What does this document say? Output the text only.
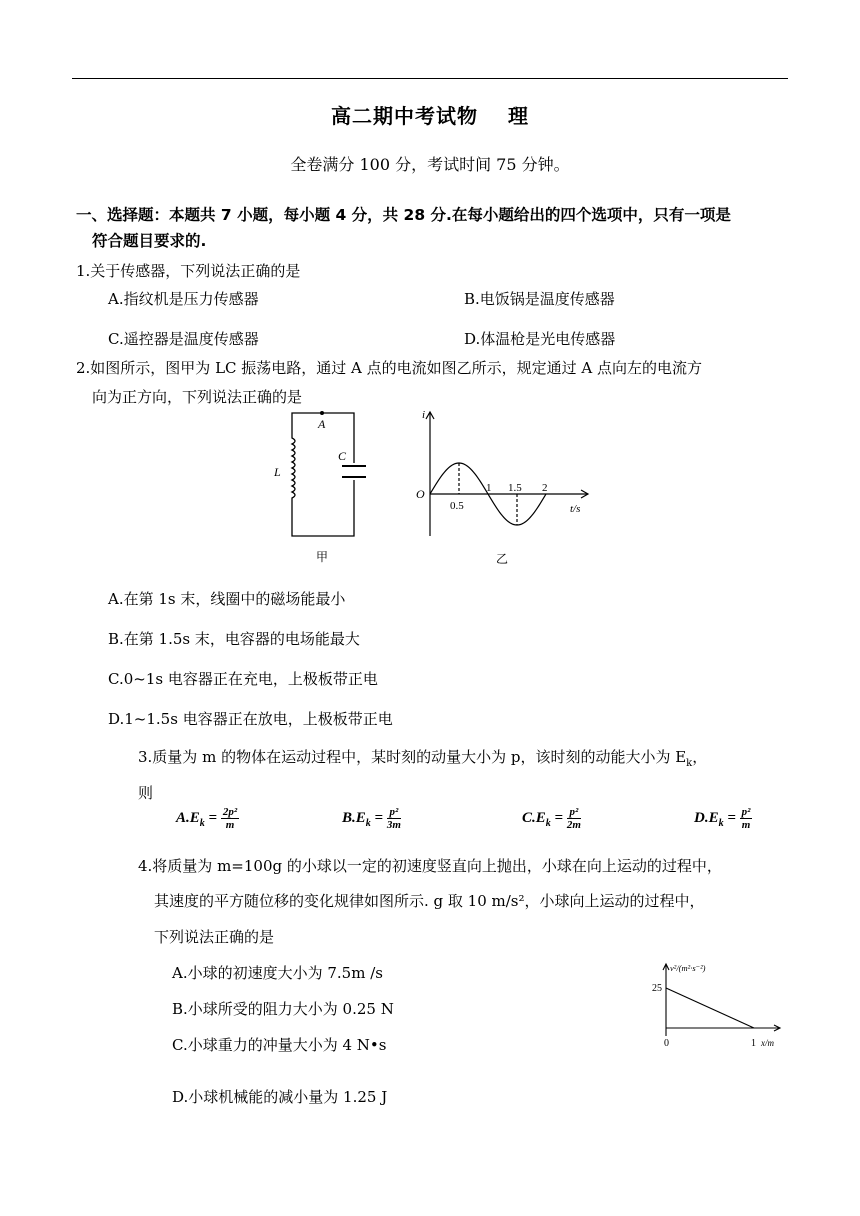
高二期中考试物 理
全卷满分 100 分，考试时间 75 分钟。
一、选择题：本题共 7 小题，每小题 4 分，共 28 分.在每小题给出的四个选项中，只有一项是
符合题目要求的.
1.关于传感器，下列说法正确的是
A.指纹机是压力传感器	B.电饭锅是温度传感器
C.遥控器是温度传感器	D.体温枪是光电传感器
2.如图所示，图甲为 LC 振荡电路，通过 A 点的电流如图乙所示，规定通过 A 点向左的电流方
向为正方向，下列说法正确的是
A
L
C
甲
i
O
0.5
1 1.5 2
t/s
乙
A.在第 1s 末，线圈中的磁场能最小
B.在第 1.5s 末，电容器的电场能最大
C.0~1s 电容器正在充电，上极板带正电
D.1~1.5s 电容器正在放电，上极板带正电
3.质量为 m 的物体在运动过程中，某时刻的动量大小为 p，该时刻的动能大小为 $E_k$，
则
$A.E_k = \frac{\text{2p²}}{m}$	$B.E_k = \frac{\text{p²}}{3m}$	$C.E_k = \frac{\text{p²}}{2m}$	$D.E_k = \frac{\text{p²}}{m}$
4.将质量为 m=100g 的小球以一定的初速度竖直向上抛出，小球在向上运动的过程中，
其速度的平方随位移的变化规律如图所示. g 取 10 m/s²，小球向上运动的过程中，
下列说法正确的是
A.小球的初速度大小为 7.5m /s
B.小球所受的阻力大小为 0.25 N
C.小球重力的冲量大小为 4 N•s
D.小球机械能的减小量为 1.25 J
v²/(m²·s⁻²)
25
0	1 x/m
